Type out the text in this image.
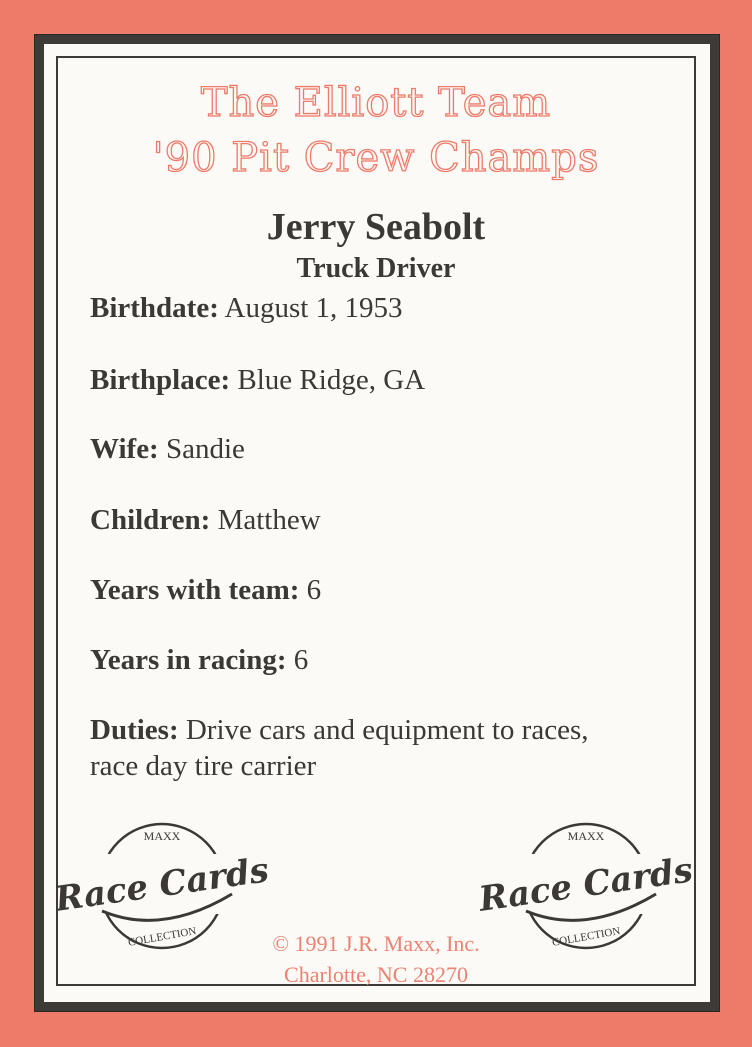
The Elliott Team
'90 Pit Crew Champs
Jerry Seabolt
Truck Driver
Birthdate: August 1, 1953
Birthplace: Blue Ridge, GA
Wife: Sandie
Children: Matthew
Years with team: 6
Years in racing: 6
Duties: Drive cars and equipment to races, race day tire carrier
MAXX
Race Cards
COLLECTION
MAXX
Race Cards
COLLECTION
© 1991 J.R. Maxx, Inc.
Charlotte, NC 28270
